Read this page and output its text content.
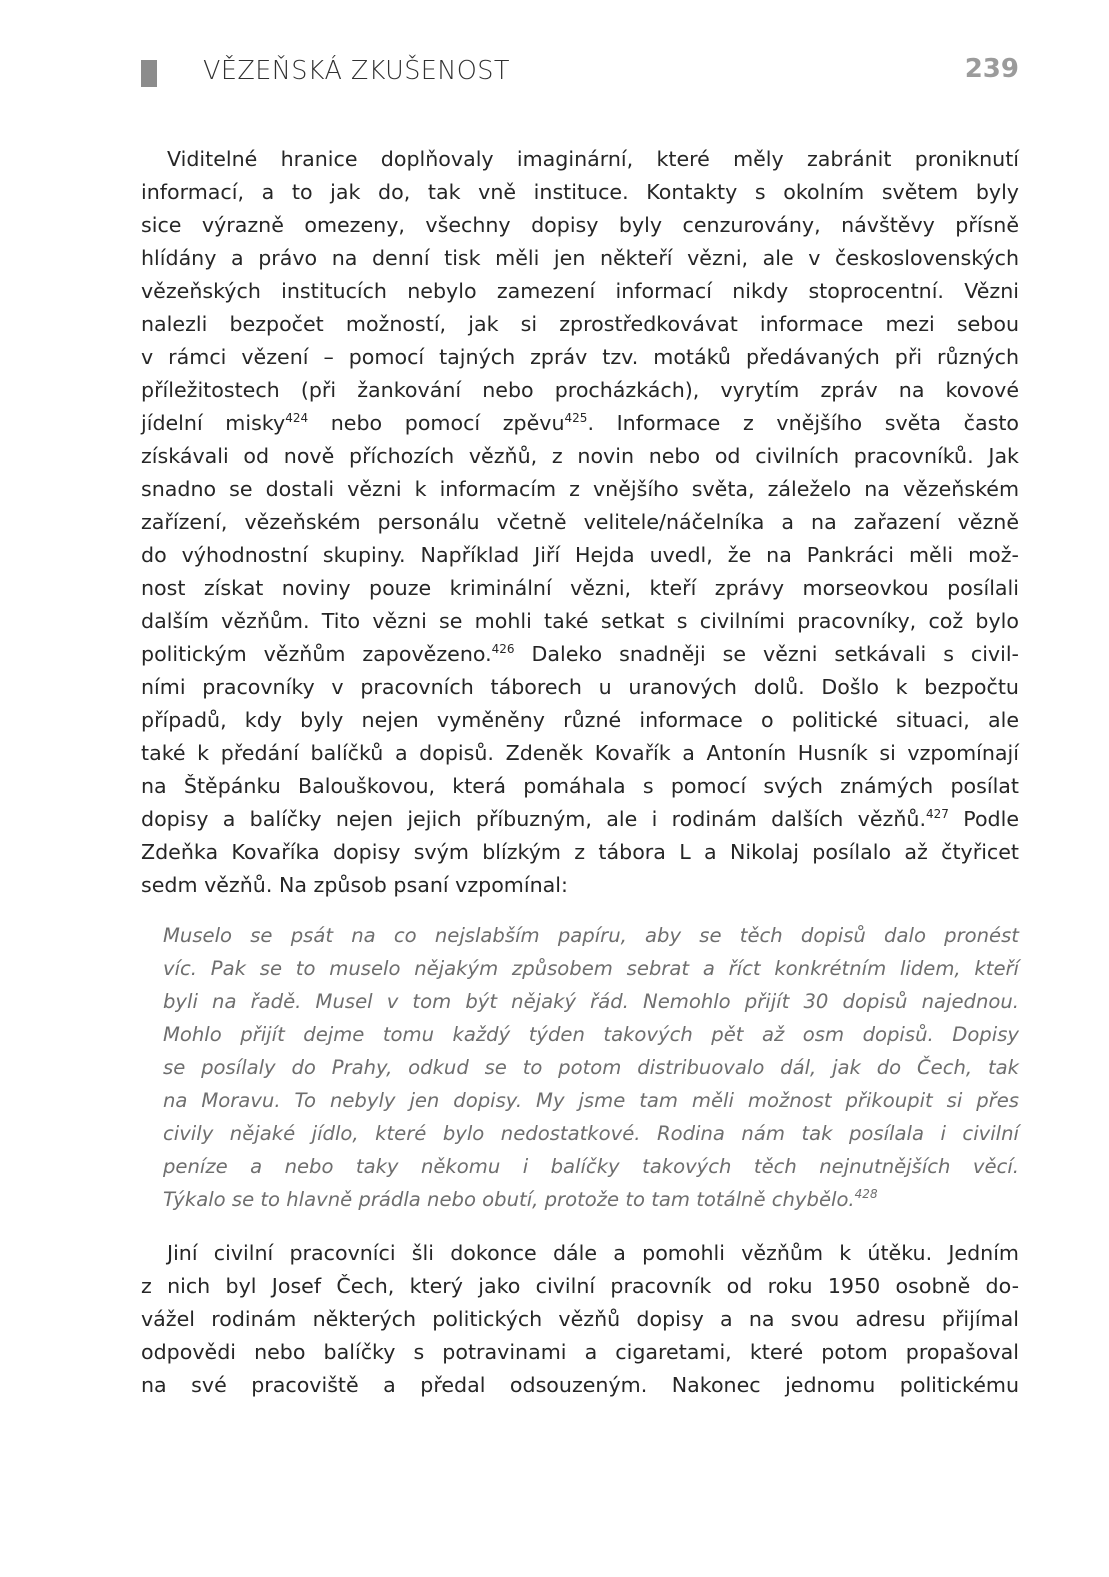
VĚZEŇSKÁ ZKUŠENOST	239
Viditelné hranice doplňovaly imaginární, které měly zabránit proniknutí
informací, a to jak do, tak vně instituce. Kontakty s okolním světem byly
sice výrazně omezeny, všechny dopisy byly cenzurovány, návštěvy přísně
hlídány a právo na denní tisk měli jen někteří vězni, ale v československých
vězeňských institucích nebylo zamezení informací nikdy stoprocentní. Vězni
nalezli bezpočet možností, jak si zprostředkovávat informace mezi sebou
v rámci vězení – pomocí tajných zpráv tzv. motáků předávaných při různých
příležitostech (při žankování nebo procházkách), vyrytím zpráv na kovové
jídelní misky$^{424}$ nebo pomocí zpěvu$^{425}$. Informace z vnějšího světa často
získávali od nově příchozích vězňů, z novin nebo od civilních pracovníků. Jak
snadno se dostali vězni k informacím z vnějšího světa, záleželo na vězeňském
zařízení, vězeňském personálu včetně velitele/náčelníka a na zařazení vězně
do výhodnostní skupiny. Například Jiří Hejda uvedl, že na Pankráci měli mož-
nost získat noviny pouze kriminální vězni, kteří zprávy morseovkou posílali
dalším vězňům. Tito vězni se mohli také setkat s civilními pracovníky, což bylo
politickým vězňům zapovězeno.$^{426}$ Daleko snadněji se vězni setkávali s civil-
ními pracovníky v pracovních táborech u uranových dolů. Došlo k bezpočtu
případů, kdy byly nejen vyměněny různé informace o politické situaci, ale
také k předání balíčků a dopisů. Zdeněk Kovařík a Antonín Husník si vzpomínají
na Štěpánku Balouškovou, která pomáhala s pomocí svých známých posílat
dopisy a balíčky nejen jejich příbuzným, ale i rodinám dalších vězňů.$^{427}$ Podle
Zdeňka Kovaříka dopisy svým blízkým z tábora L a Nikolaj posílalo až čtyřicet
sedm vězňů. Na způsob psaní vzpomínal:
Muselo se psát na co nejslabším papíru, aby se těch dopisů dalo pronést
víc. Pak se to muselo nějakým způsobem sebrat a říct konkrétním lidem, kteří
byli na řadě. Musel v tom být nějaký řád. Nemohlo přijít 30 dopisů najednou.
Mohlo přijít dejme tomu každý týden takových pět až osm dopisů. Dopisy
se posílaly do Prahy, odkud se to potom distribuovalo dál, jak do Čech, tak
na Moravu. To nebyly jen dopisy. My jsme tam měli možnost přikoupit si přes
civily nějaké jídlo, které bylo nedostatkové. Rodina nám tak posílala i civilní
peníze a nebo taky někomu i balíčky takových těch nejnutnějších věcí.
Týkalo se to hlavně prádla nebo obutí, protože to tam totálně chybělo.$^{428}$
Jiní civilní pracovníci šli dokonce dále a pomohli vězňům k útěku. Jedním
z nich byl Josef Čech, který jako civilní pracovník od roku 1950 osobně do-
vážel rodinám některých politických vězňů dopisy a na svou adresu přijímal
odpovědi nebo balíčky s potravinami a cigaretami, které potom propašoval
na své pracoviště a předal odsouzeným. Nakonec jednomu politickému
